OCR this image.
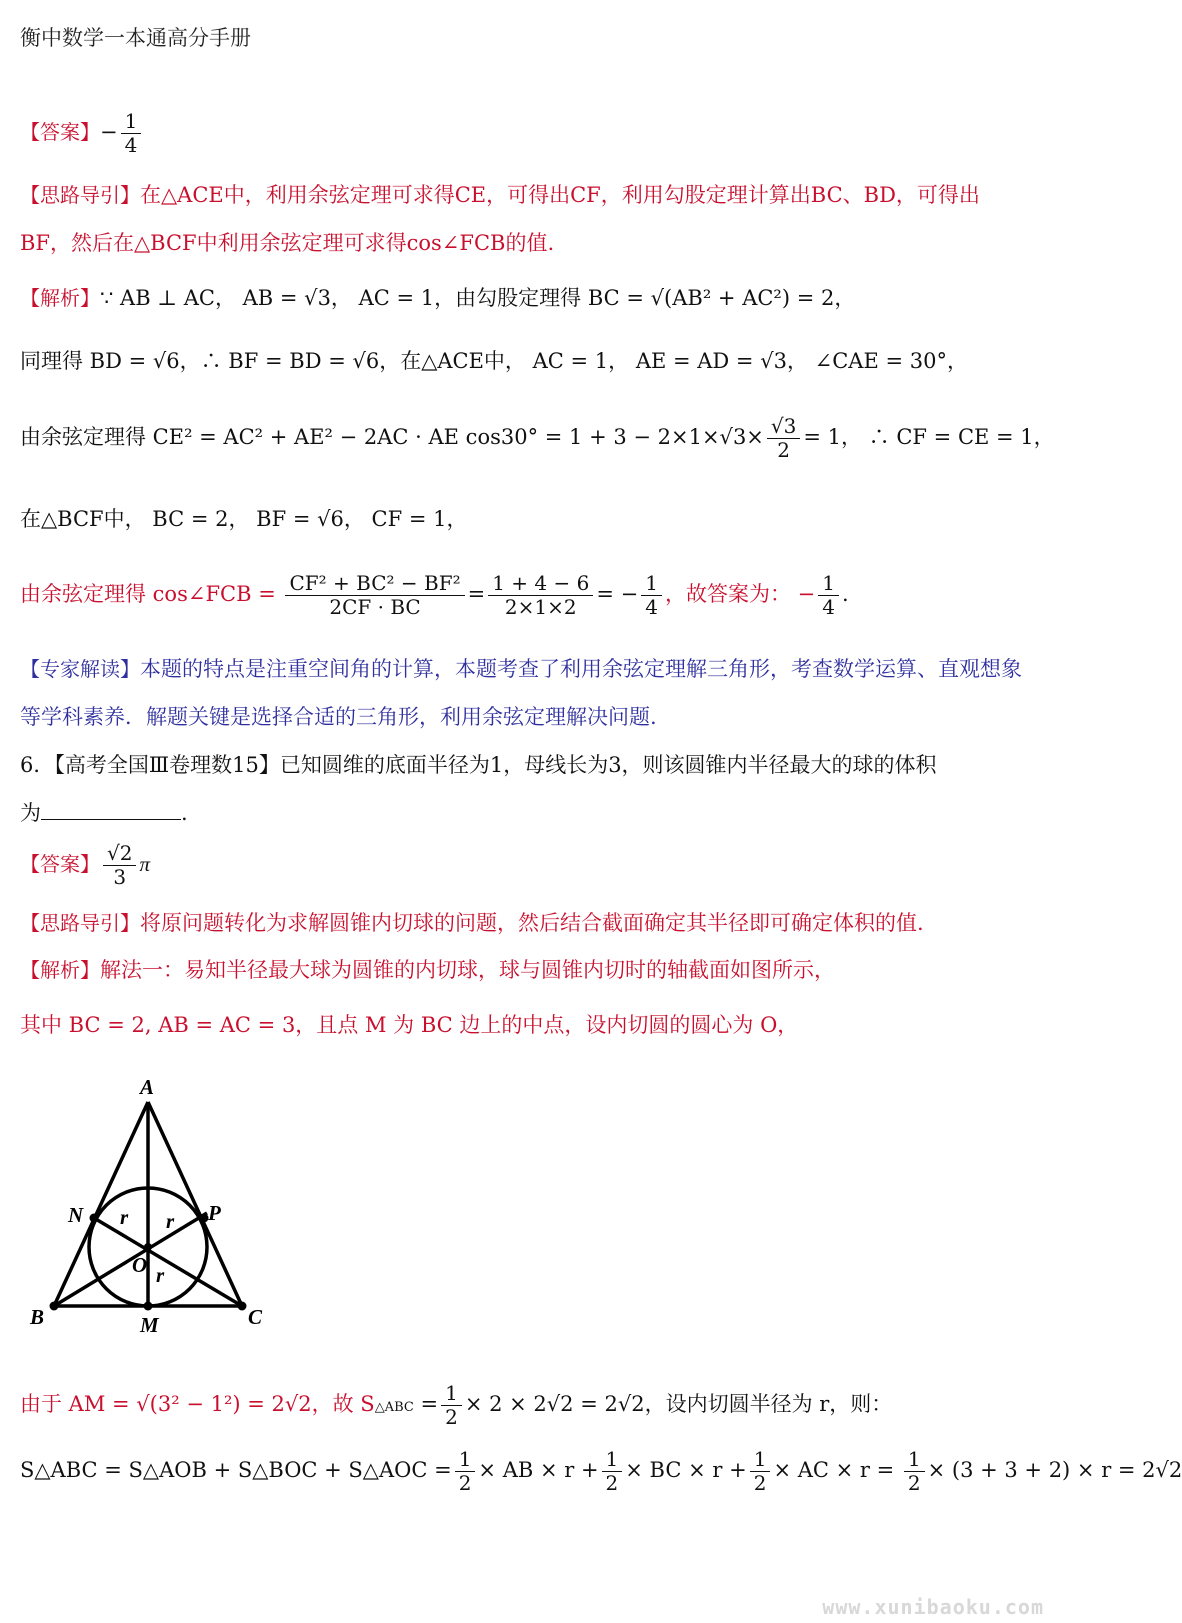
衡中数学一本通高分手册
【答案】− $\frac{1}{4}$
【思路导引】在△ACE中，利用余弦定理可求得CE，可得出CF，利用勾股定理计算出BC、BD，可得出
BF，然后在△BCF中利用余弦定理可求得cos∠FCB的值.
【解析】∵ AB ⊥ AC， AB = √3， AC = 1，由勾股定理得 BC = √(AB² + AC²) = 2，
同理得 BD = √6，∴ BF = BD = √6，在△ACE中， AC = 1， AE = AD = √3， ∠CAE = 30°，
由余弦定理得 CE² = AC² + AE² − 2AC · AE $\cos 30^\circ = 1 + 3 - 2\times 1\times√3\times \frac{√3}{2} = 1$， ∴ CF = CE = 1，
在△BCF中， BC = 2， BF = √6， CF = 1，
由余弦定理得 cos∠FCB = $\frac{\text{CF² + BC² − BF²}}{2CF \cdot BC} = \frac{1 + 4 - 6}{2\times 1\times 2}$ = − $\frac{1}{4}$ ，故答案为： − $\frac{1}{4}$ .
【专家解读】本题的特点是注重空间角的计算，本题考查了利用余弦定理解三角形，考查数学运算、直观想象
等学科素养．解题关键是选择合适的三角形，利用余弦定理解决问题.
6．【高考全国Ⅲ卷理数15】已知圆维的底面半径为1，母线长为3，则该圆锥内半径最大的球的体积
为	.
【答案】 $\frac{√2}{3}$ π
【思路导引】将原问题转化为求解圆锥内切球的问题，然后结合截面确定其半径即可确定体积的值.
【解析】解法一：易知半径最大球为圆锥的内切球，球与圆锥内切时的轴截面如图所示，
其中 BC = 2, AB = AC = 3，且点 M 为 BC 边上的中点，设内切圆的圆心为 O，
A
B	C
M
N	P
O
r r
r
由于 AM = √(3² − 1²) = 2√2，故 S△ABC = $\frac{1}{2} \times 2 \times 2√2 = 2√2$，设内切圆半径为 r，则：
S△ABC = S△AOB + S△BOC + S△AOC = $\frac{1}{2}$ × AB × $r + \frac{1}{2}$ × BC × $r + \frac{1}{2}$ × AC × $r = \frac{1}{2} \times (3 + 3 + 2) \times r = 2√2$
www.xunibaoku.com
